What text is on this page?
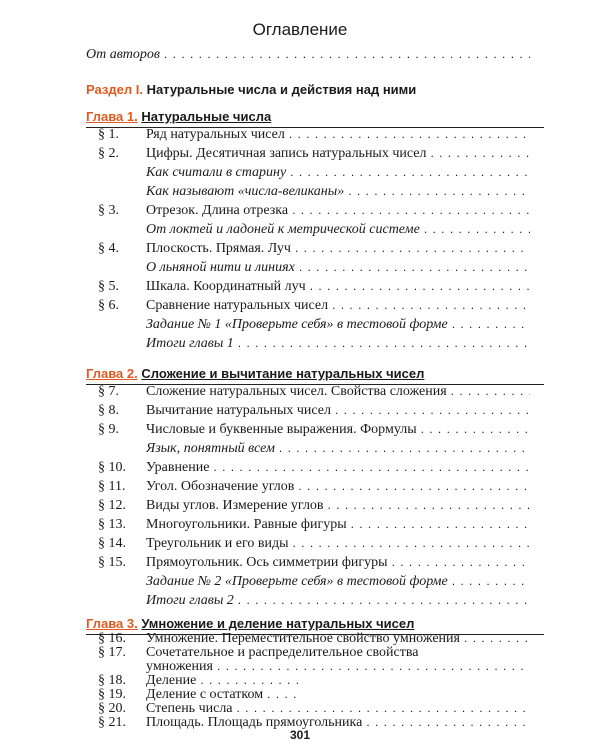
Оглавление
От авторов . . .
Раздел I. Натуральные числа и действия над ними
Глава 1. Натуральные числа
§ 1. Ряд натуральных чисел . . .
§ 2. Цифры. Десятичная запись натуральных чисел . . .
Как считали в старину . . .
Как называют «числа-великаны» . . .
§ 3. Отрезок. Длина отрезка . . .
От локтей и ладоней к метрической системе . . .
§ 4. Плоскость. Прямая. Луч . . .
О льняной нити и линиях . . .
§ 5. Шкала. Координатный луч . . .
§ 6. Сравнение натуральных чисел . . .
Задание № 1 «Проверьте себя» в тестовой форме . . .
Итоги главы 1 . . .
Глава 2. Сложение и вычитание натуральных чисел
§ 7. Сложение натуральных чисел. Свойства сложения . . .
§ 8. Вычитание натуральных чисел . . .
§ 9. Числовые и буквенные выражения. Формулы . . .
Язык, понятный всем . . .
§ 10. Уравнение . . .
§ 11. Угол. Обозначение углов . . .
§ 12. Виды углов. Измерение углов . . .
§ 13. Многоугольники. Равные фигуры . . .
§ 14. Треугольник и его виды . . .
§ 15. Прямоугольник. Ось симметрии фигуры . . .
Задание № 2 «Проверьте себя» в тестовой форме . . .
Итоги главы 2 . . .
Глава 3. Умножение и деление натуральных чисел
§ 16. Умножение. Переместительное свойство умножения . . .
§ 17. Сочетательное и распределительное свойства
умножения . . .
§ 18. Деление . . .
§ 19. Деление с остатком . . .
§ 20. Степень числа . . .
§ 21. Площадь. Площадь прямоугольника . . .
301
